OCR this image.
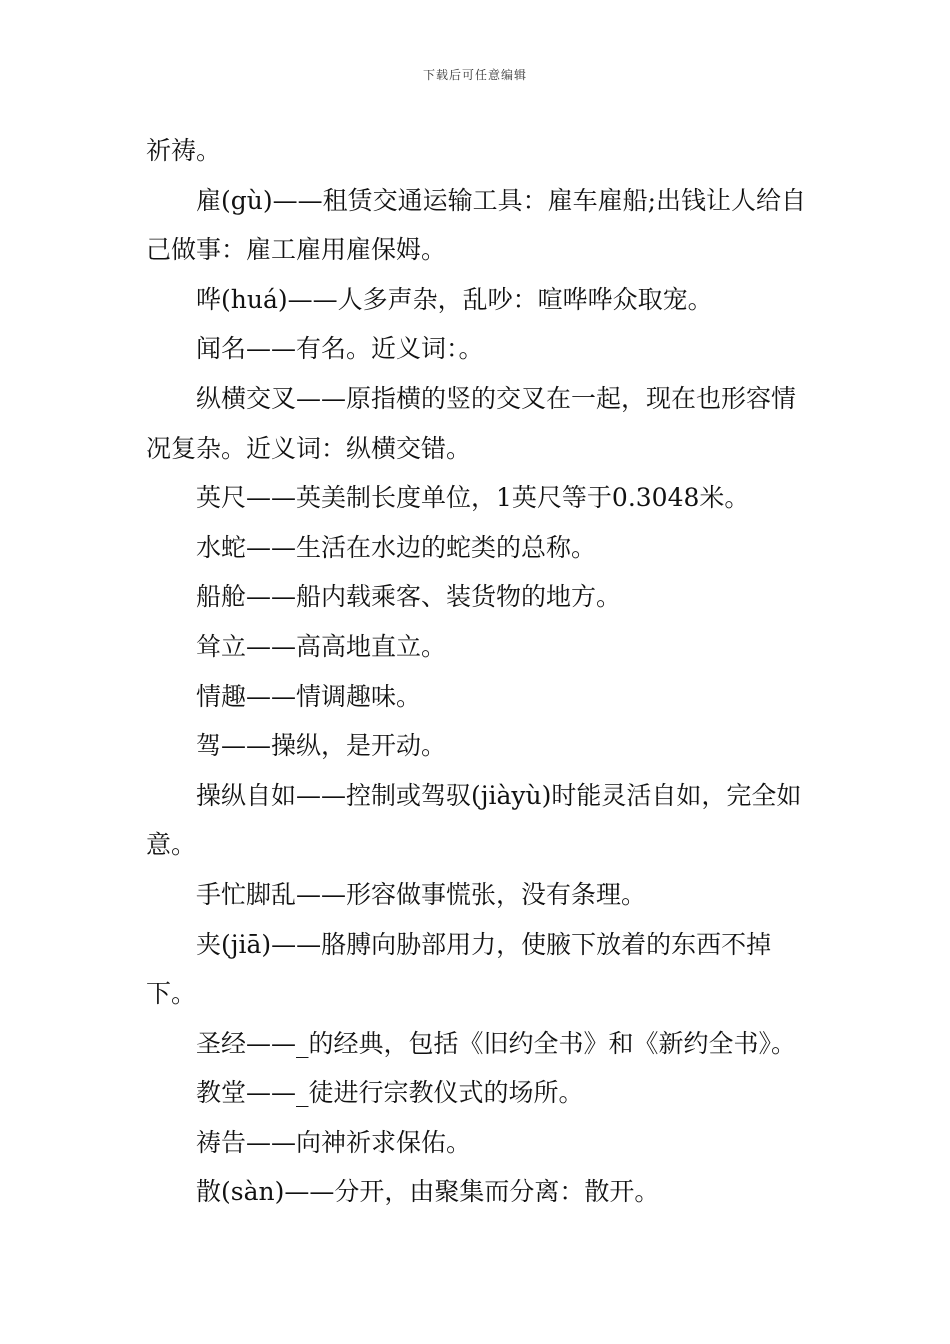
下载后可任意编辑

祈祷。

雇(gù)——租赁交通运输工具：雇车雇船;出钱让人给自己做事：雇工雇用雇保姆。

哗(huá)——人多声杂，乱吵：喧哗哗众取宠。

闻名——有名。近义词：。

纵横交叉——原指横的竖的交叉在一起，现在也形容情况复杂。近义词：纵横交错。

英尺——英美制长度单位，1英尺等于0.3048米。

水蛇——生活在水边的蛇类的总称。

船舱——船内载乘客、装货物的地方。

耸立——高高地直立。

情趣——情调趣味。

驾——操纵，是开动。

操纵自如——控制或驾驭(jiàyù)时能灵活自如，完全如意。

手忙脚乱——形容做事慌张，没有条理。

夹(jiā)——胳膊向胁部用力，使腋下放着的东西不掉下。

圣经——_的经典，包括《旧约全书》和《新约全书》。

教堂——_徒进行宗教仪式的场所。

祷告——向神祈求保佑。

散(sàn)——分开，由聚集而分离：散开。
